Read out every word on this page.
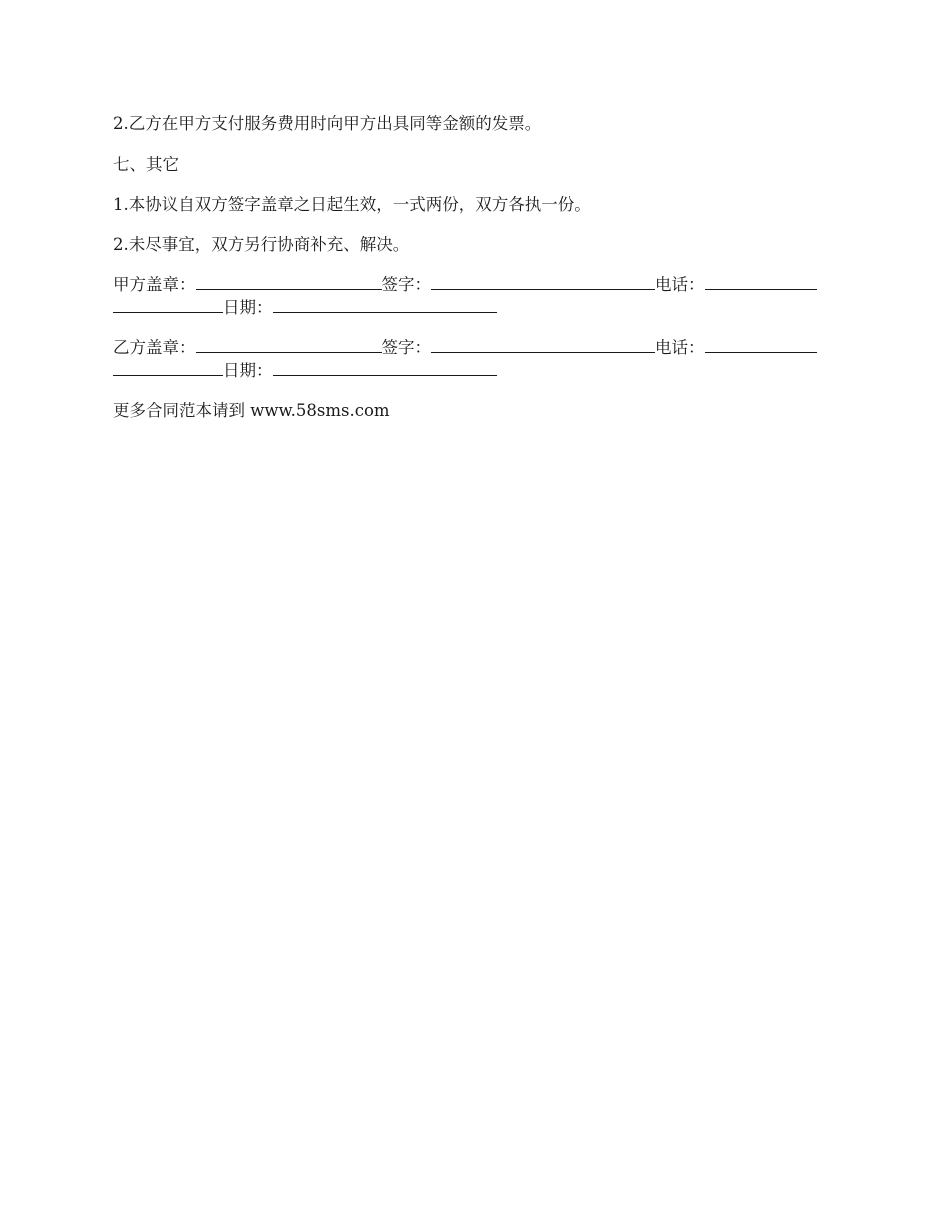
2.乙方在甲方支付服务费用时向甲方出具同等金额的发票。

七、其它

1.本协议自双方签字盖章之日起生效，一式两份，双方各执一份。

2.未尽事宜，双方另行协商补充、解决。

甲方盖章：	签字：	电话：
日期：
乙方盖章：	签字：	电话：
日期：

更多合同范本请到 www.58sms.com
